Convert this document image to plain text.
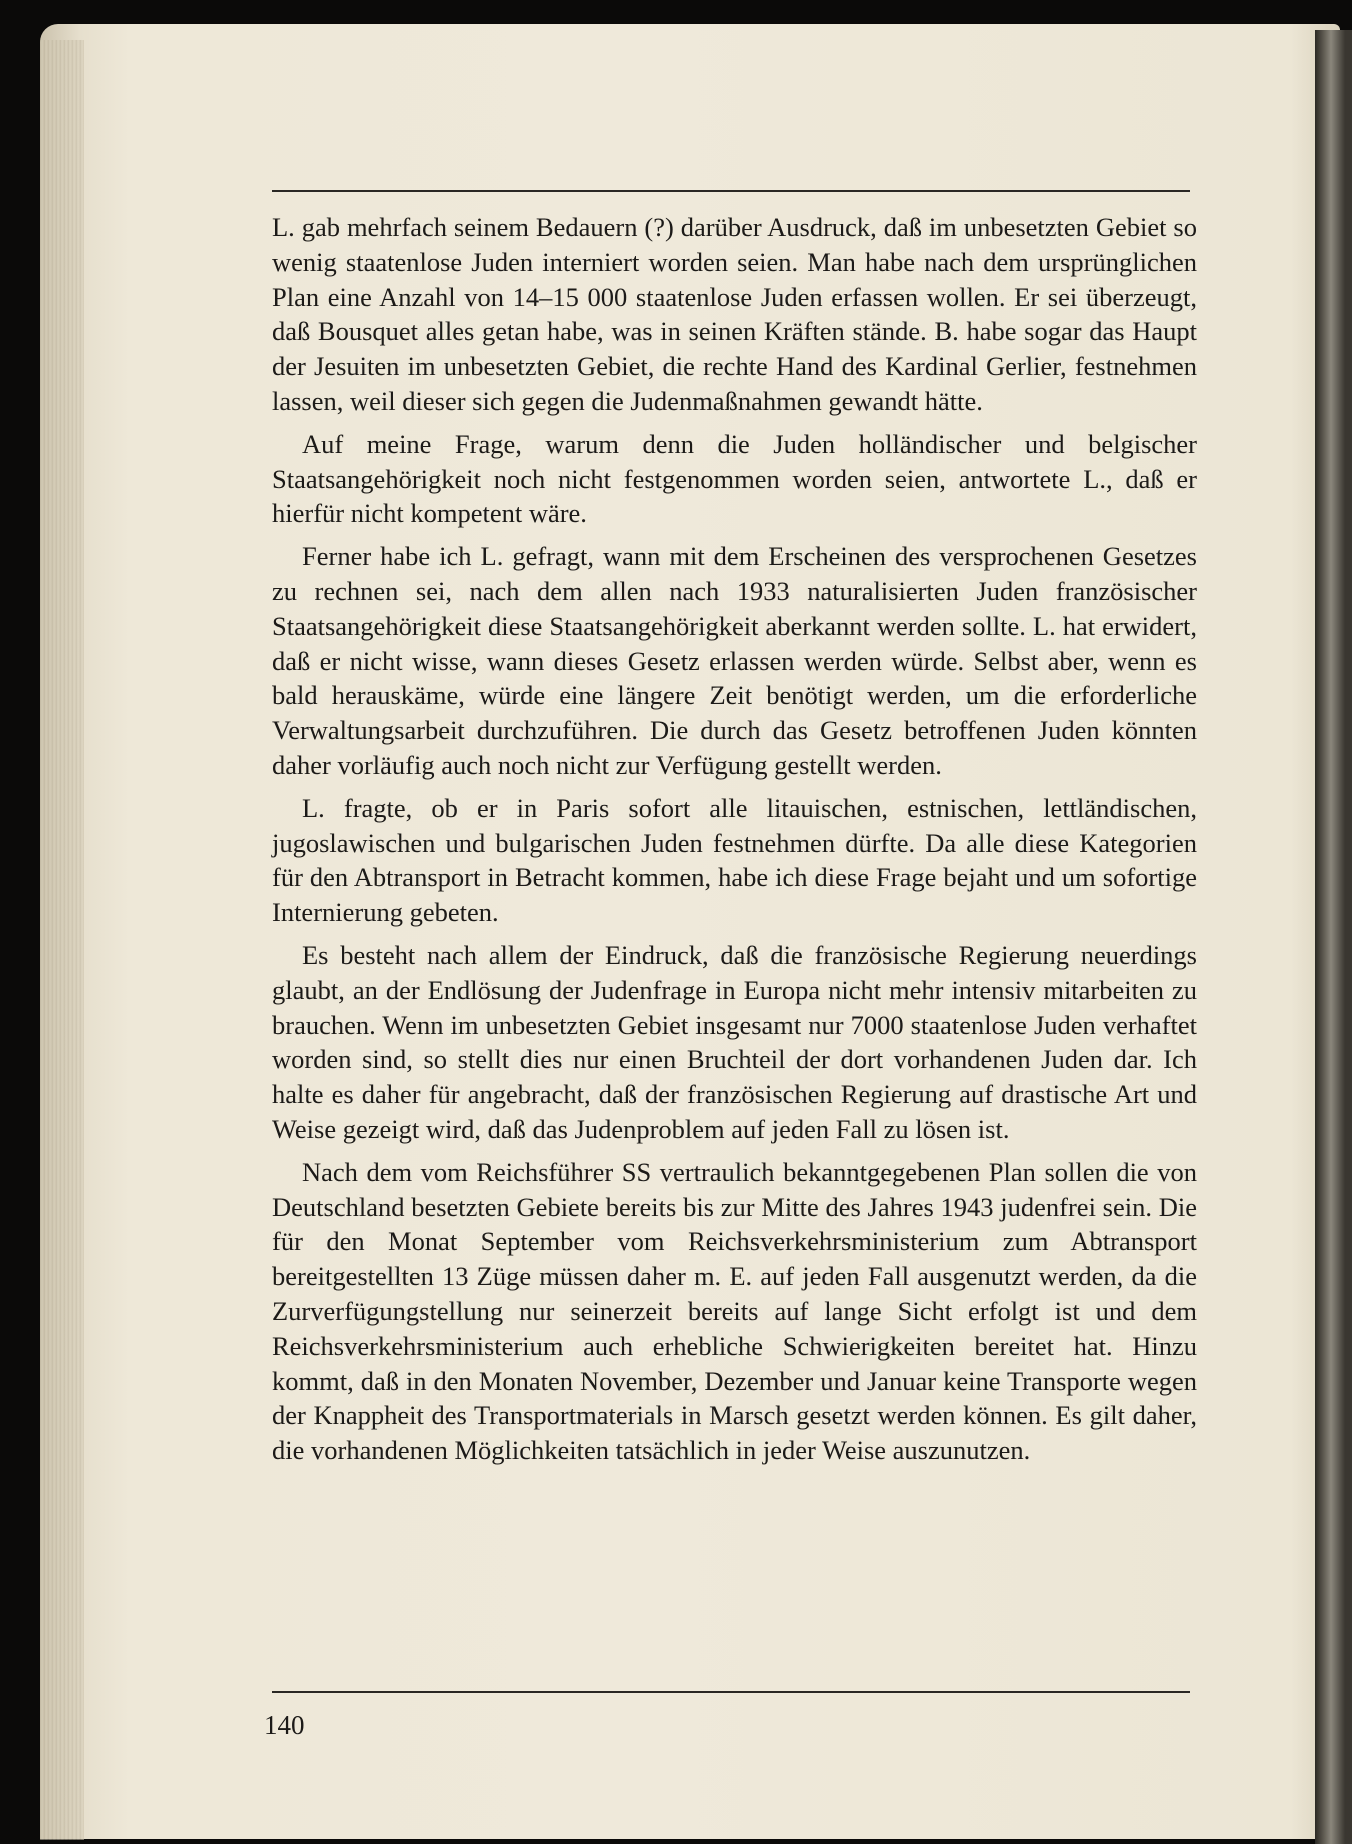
L. gab mehrfach seinem Bedauern (?) darüber Ausdruck, daß im unbesetzten Gebiet so wenig staatenlose Juden interniert worden seien. Man habe nach dem ursprünglichen Plan eine Anzahl von 14–15 000 staatenlose Juden erfassen wollen. Er sei überzeugt, daß Bousquet alles getan habe, was in seinen Kräften stände. B. habe sogar das Haupt der Jesuiten im unbesetzten Gebiet, die rechte Hand des Kardinal Gerlier, festnehmen lassen, weil dieser sich gegen die Judenmaßnahmen gewandt hätte.

Auf meine Frage, warum denn die Juden holländischer und belgischer Staatsangehörigkeit noch nicht festgenommen worden seien, antwortete L., daß er hierfür nicht kompetent wäre.

Ferner habe ich L. gefragt, wann mit dem Erscheinen des versprochenen Gesetzes zu rechnen sei, nach dem allen nach 1933 naturalisierten Juden französischer Staatsangehörigkeit diese Staatsangehörigkeit aberkannt werden sollte. L. hat erwidert, daß er nicht wisse, wann dieses Gesetz erlassen werden würde. Selbst aber, wenn es bald herauskäme, würde eine längere Zeit benötigt werden, um die erforderliche Verwaltungsarbeit durchzuführen. Die durch das Gesetz betroffenen Juden könnten daher vorläufig auch noch nicht zur Verfügung gestellt werden.

L. fragte, ob er in Paris sofort alle litauischen, estnischen, lettländischen, jugoslawischen und bulgarischen Juden festnehmen dürfte. Da alle diese Kategorien für den Abtransport in Betracht kommen, habe ich diese Frage bejaht und um sofortige Internierung gebeten.

Es besteht nach allem der Eindruck, daß die französische Regierung neuerdings glaubt, an der Endlösung der Judenfrage in Europa nicht mehr intensiv mitarbeiten zu brauchen. Wenn im unbesetzten Gebiet insgesamt nur 7000 staatenlose Juden verhaftet worden sind, so stellt dies nur einen Bruchteil der dort vorhandenen Juden dar. Ich halte es daher für angebracht, daß der französischen Regierung auf drastische Art und Weise gezeigt wird, daß das Judenproblem auf jeden Fall zu lösen ist.

Nach dem vom Reichsführer SS vertraulich bekanntgegebenen Plan sollen die von Deutschland besetzten Gebiete bereits bis zur Mitte des Jahres 1943 judenfrei sein. Die für den Monat September vom Reichsverkehrsministerium zum Abtransport bereitgestellten 13 Züge müssen daher m. E. auf jeden Fall ausgenutzt werden, da die Zurverfügungstellung nur seinerzeit bereits auf lange Sicht erfolgt ist und dem Reichsverkehrsministerium auch erhebliche Schwierigkeiten bereitet hat. Hinzu kommt, daß in den Monaten November, Dezember und Januar keine Transporte wegen der Knappheit des Transportmaterials in Marsch gesetzt werden können. Es gilt daher, die vorhandenen Möglichkeiten tatsächlich in jeder Weise auszunutzen.

140
